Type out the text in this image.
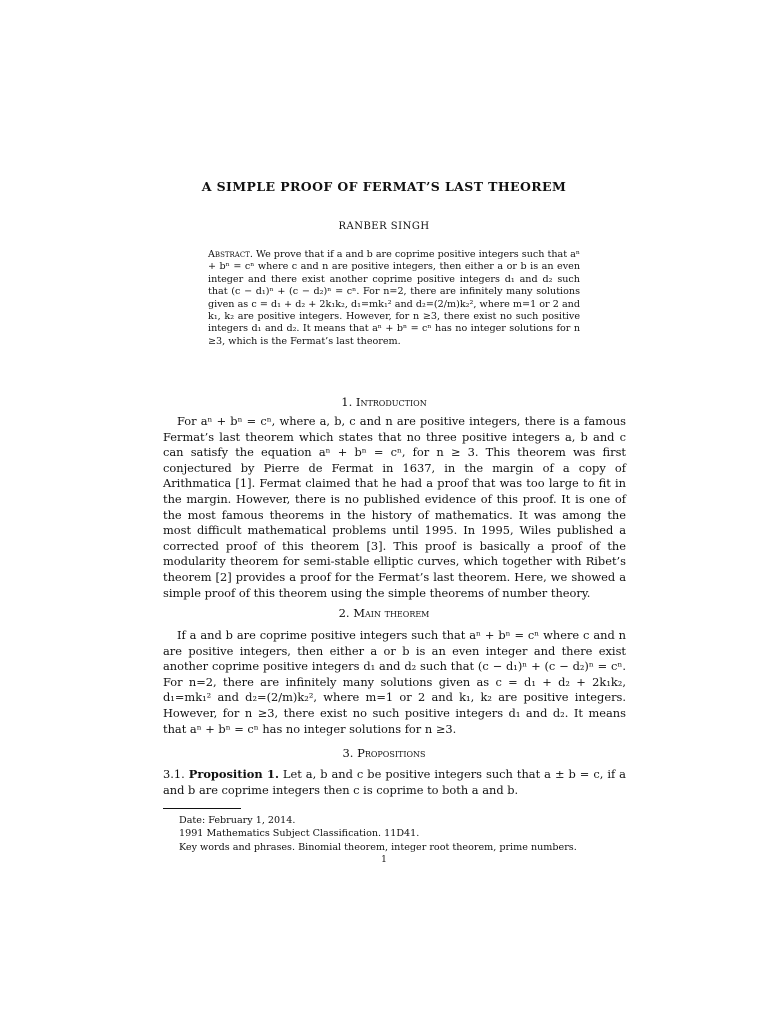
A SIMPLE PROOF OF FERMAT’S LAST THEOREM
RANBER SINGH
Abstract. We prove that if a and b are coprime positive integers such that aⁿ + bⁿ = cⁿ where c and n are positive integers, then either a or b is an even integer and there exist another coprime positive integers d₁ and d₂ such that (c − d₁)ⁿ + (c − d₂)ⁿ = cⁿ. For n=2, there are infinitely many solutions given as c = d₁ + d₂ + 2k₁k₂, d₁=mk₁² and d₂=(2/m)k₂², where m=1 or 2 and k₁, k₂ are positive integers. However, for n ≥3, there exist no such positive integers d₁ and d₂. It means that aⁿ + bⁿ = cⁿ has no integer solutions for n ≥3, which is the Fermat’s last theorem.
1. Introduction
For aⁿ + bⁿ = cⁿ, where a, b, c and n are positive integers, there is a famous Fermat’s last theorem which states that no three positive integers a, b and c can satisfy the equation aⁿ + bⁿ = cⁿ, for n ≥ 3. This theorem was first conjectured by Pierre de Fermat in 1637, in the margin of a copy of Arithmatica [1]. Fermat claimed that he had a proof that was too large to fit in the margin. However, there is no published evidence of this proof. It is one of the most famous theorems in the history of mathematics. It was among the most difficult mathematical problems until 1995. In 1995, Wiles published a corrected proof of this theorem [3]. This proof is basically a proof of the modularity theorem for semi-stable elliptic curves, which together with Ribet’s theorem [2] provides a proof for the Fermat’s last theorem. Here, we showed a simple proof of this theorem using the simple theorems of number theory.
2. Main theorem
If a and b are coprime positive integers such that aⁿ + bⁿ = cⁿ where c and n are positive integers, then either a or b is an even integer and there exist another coprime positive integers d₁ and d₂ such that (c − d₁)ⁿ + (c − d₂)ⁿ = cⁿ. For n=2, there are infinitely many solutions given as c = d₁ + d₂ + 2k₁k₂, d₁=mk₁² and d₂=(2/m)k₂², where m=1 or 2 and k₁, k₂ are positive integers. However, for n ≥3, there exist no such positive integers d₁ and d₂. It means that aⁿ + bⁿ = cⁿ has no integer solutions for n ≥3.
3. Propositions
3.1. Proposition 1. Let a, b and c be positive integers such that a ± b = c, if a and b are coprime integers then c is coprime to both a and b.
Date: February 1, 2014.
1991 Mathematics Subject Classification. 11D41.
Key words and phrases. Binomial theorem, integer root theorem, prime numbers.
1
